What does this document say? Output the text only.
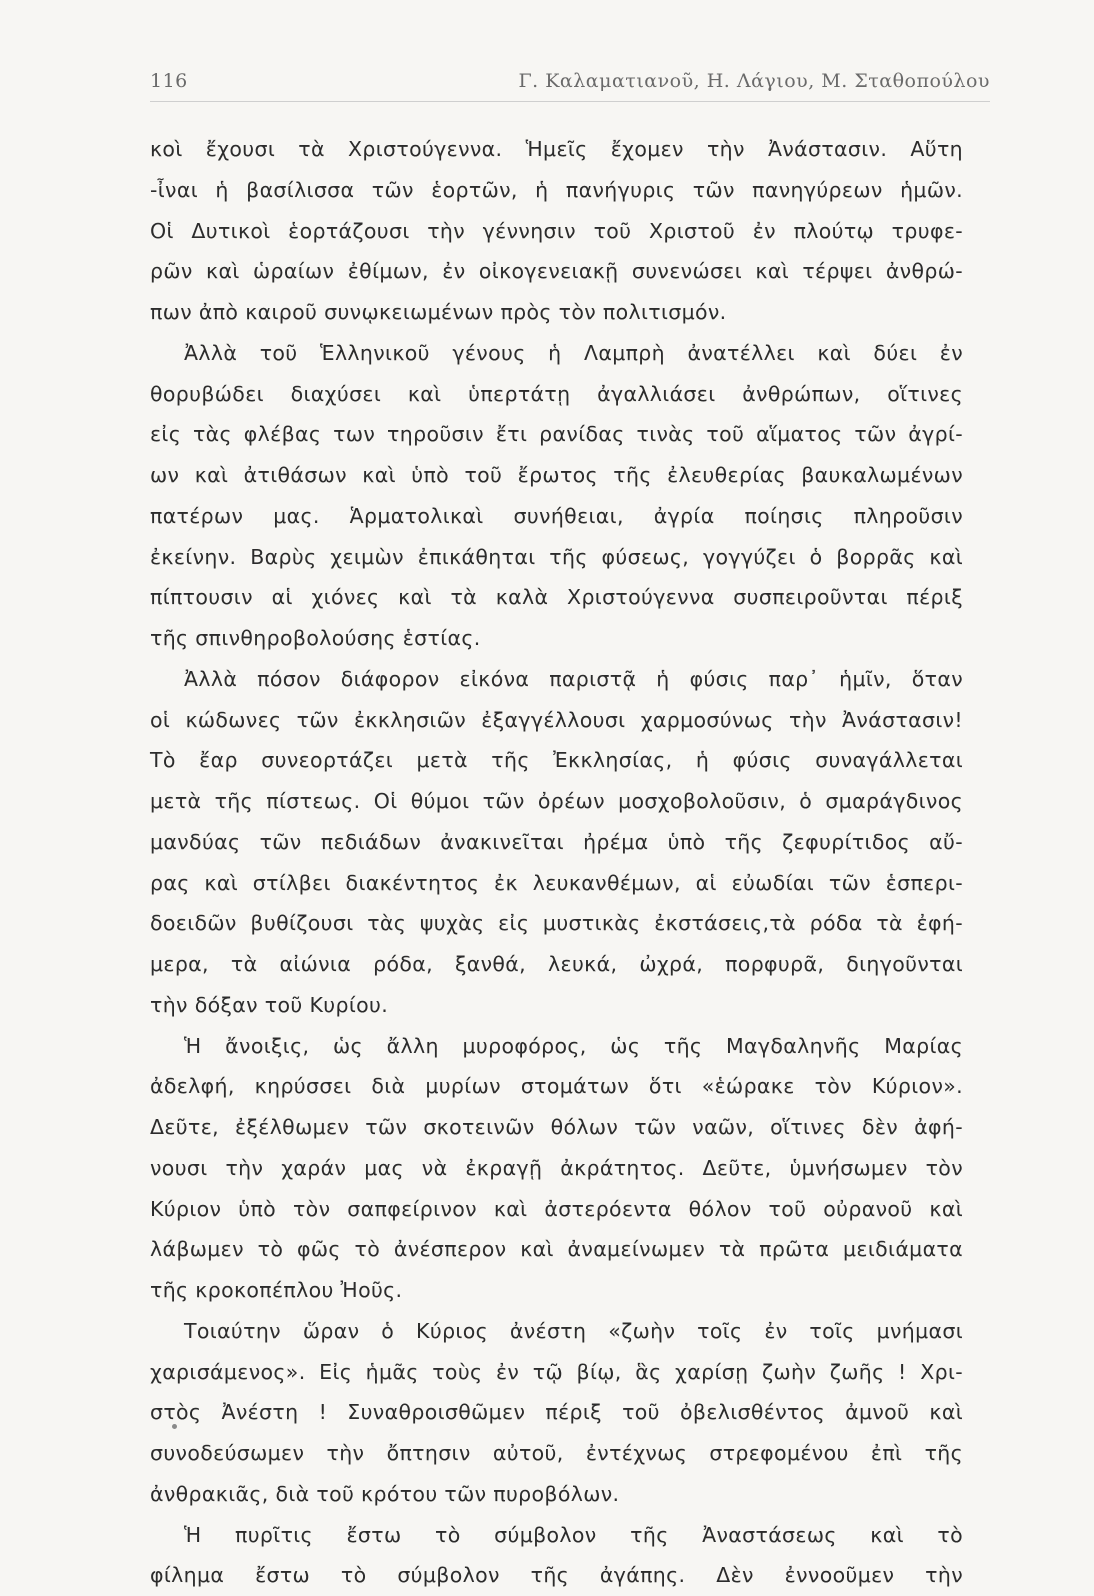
116	Γ. Καλαματιανοῦ, Η. Λάγιου, Μ. Σταθοπούλου
κοὶ ἔχουσι τὰ Χριστούγεννα. Ἡμεῖς ἔχομεν τὴν Ἀνάστασιν. Αὕτη
-ἶναι ἡ βασίλισσα τῶν ἑορτῶν, ἡ πανήγυρις τῶν πανηγύρεων ἡμῶν.
Οἱ Δυτικοὶ ἑορτάζουσι τὴν γέννησιν τοῦ Χριστοῦ ἐν πλούτῳ τρυφε-
ρῶν καὶ ὡραίων ἐθίμων, ἐν οἰκογενειακῇ συνενώσει καὶ τέρψει ἀνθρώ-
πων ἀπὸ καιροῦ συνῳκειωμένων πρὸς τὸν πολιτισμόν.
Ἀλλὰ τοῦ Ἑλληνικοῦ γένους ἡ Λαμπρὴ ἀνατέλλει καὶ δύει ἐν
θορυβώδει διαχύσει καὶ ὑπερτάτῃ ἀγαλλιάσει ἀνθρώπων, οἵτινες
εἰς τὰς φλέβας των τηροῦσιν ἔτι ρανίδας τινὰς τοῦ αἵματος τῶν ἀγρί-
ων καὶ ἀτιθάσων καὶ ὑπὸ τοῦ ἔρωτος τῆς ἐλευθερίας βαυκαλωμένων
πατέρων μας. Ἁρματολικαὶ συνήθειαι, ἀγρία ποίησις πληροῦσιν
ἐκείνην. Βαρὺς χειμὼν ἐπικάθηται τῆς φύσεως, γογγύζει ὁ βορρᾶς καὶ
πίπτουσιν αἱ χιόνες καὶ τὰ καλὰ Χριστούγεννα συσπειροῦνται πέριξ
τῆς σπινθηροβολούσης ἑστίας.
Ἀλλὰ πόσον διάφορον εἰκόνα παριστᾷ ἡ φύσις παρ᾽ ἡμῖν, ὅταν
οἱ κώδωνες τῶν ἐκκλησιῶν ἐξαγγέλλουσι χαρμοσύνως τὴν Ἀνάστασιν!
Τὸ ἔαρ συνεορτάζει μετὰ τῆς Ἐκκλησίας, ἡ φύσις συναγάλλεται
μετὰ τῆς πίστεως. Οἱ θύμοι τῶν ὀρέων μοσχοβολοῦσιν, ὁ σμαράγδινος
μανδύας τῶν πεδιάδων ἀνακινεῖται ἠρέμα ὑπὸ τῆς ζεφυρίτιδος αὔ-
ρας καὶ στίλβει διακέντητος ἐκ λευκανθέμων, αἱ εὐωδίαι τῶν ἑσπερι-
δοειδῶν βυθίζουσι τὰς ψυχὰς εἰς μυστικὰς ἐκστάσεις,τὰ ρόδα τὰ ἐφή-
μερα, τὰ αἰώνια ρόδα, ξανθά, λευκά, ὠχρά, πορφυρᾶ, διηγοῦνται
τὴν δόξαν τοῦ Κυρίου.
Ἡ ἄνοιξις, ὡς ἄλλη μυροφόρος, ὡς τῆς Μαγδαληνῆς Μαρίας
ἀδελφή, κηρύσσει διὰ μυρίων στομάτων ὅτι «ἑώρακε τὸν Κύριον».
Δεῦτε, ἐξέλθωμεν τῶν σκοτεινῶν θόλων τῶν ναῶν, οἵτινες δὲν ἀφή-
νουσι τὴν χαράν μας νὰ ἐκραγῇ ἀκράτητος. Δεῦτε, ὑμνήσωμεν τὸν
Κύριον ὑπὸ τὸν σαπφείρινον καὶ ἀστερόεντα θόλον τοῦ οὐρανοῦ καὶ
λάβωμεν τὸ φῶς τὸ ἀνέσπερον καὶ ἀναμείνωμεν τὰ πρῶτα μειδιάματα
τῆς κροκοπέπλου Ἠοῦς.
Τοιαύτην ὥραν ὁ Κύριος ἀνέστη «ζωὴν τοῖς ἐν τοῖς μνήμασι
χαρισάμενος». Εἰς ἡμᾶς τοὺς ἐν τῷ βίῳ, ἃς χαρίσῃ ζωὴν ζωῆς ! Χρι-
στὸς Ἀνέστη ! Συναθροισθῶμεν πέριξ τοῦ ὀβελισθέντος ἀμνοῦ καὶ
συνοδεύσωμεν τὴν ὄπτησιν αὐτοῦ, ἐντέχνως στρεφομένου ἐπὶ τῆς
ἀνθρακιᾶς, διὰ τοῦ κρότου τῶν πυροβόλων.
Ἡ πυρῖτις ἔστω τὸ σύμβολον τῆς Ἀναστάσεως καὶ τὸ
φίλημα ἔστω τὸ σύμβολον τῆς ἀγάπης. Δὲν ἐννοοῦμεν τὴν
